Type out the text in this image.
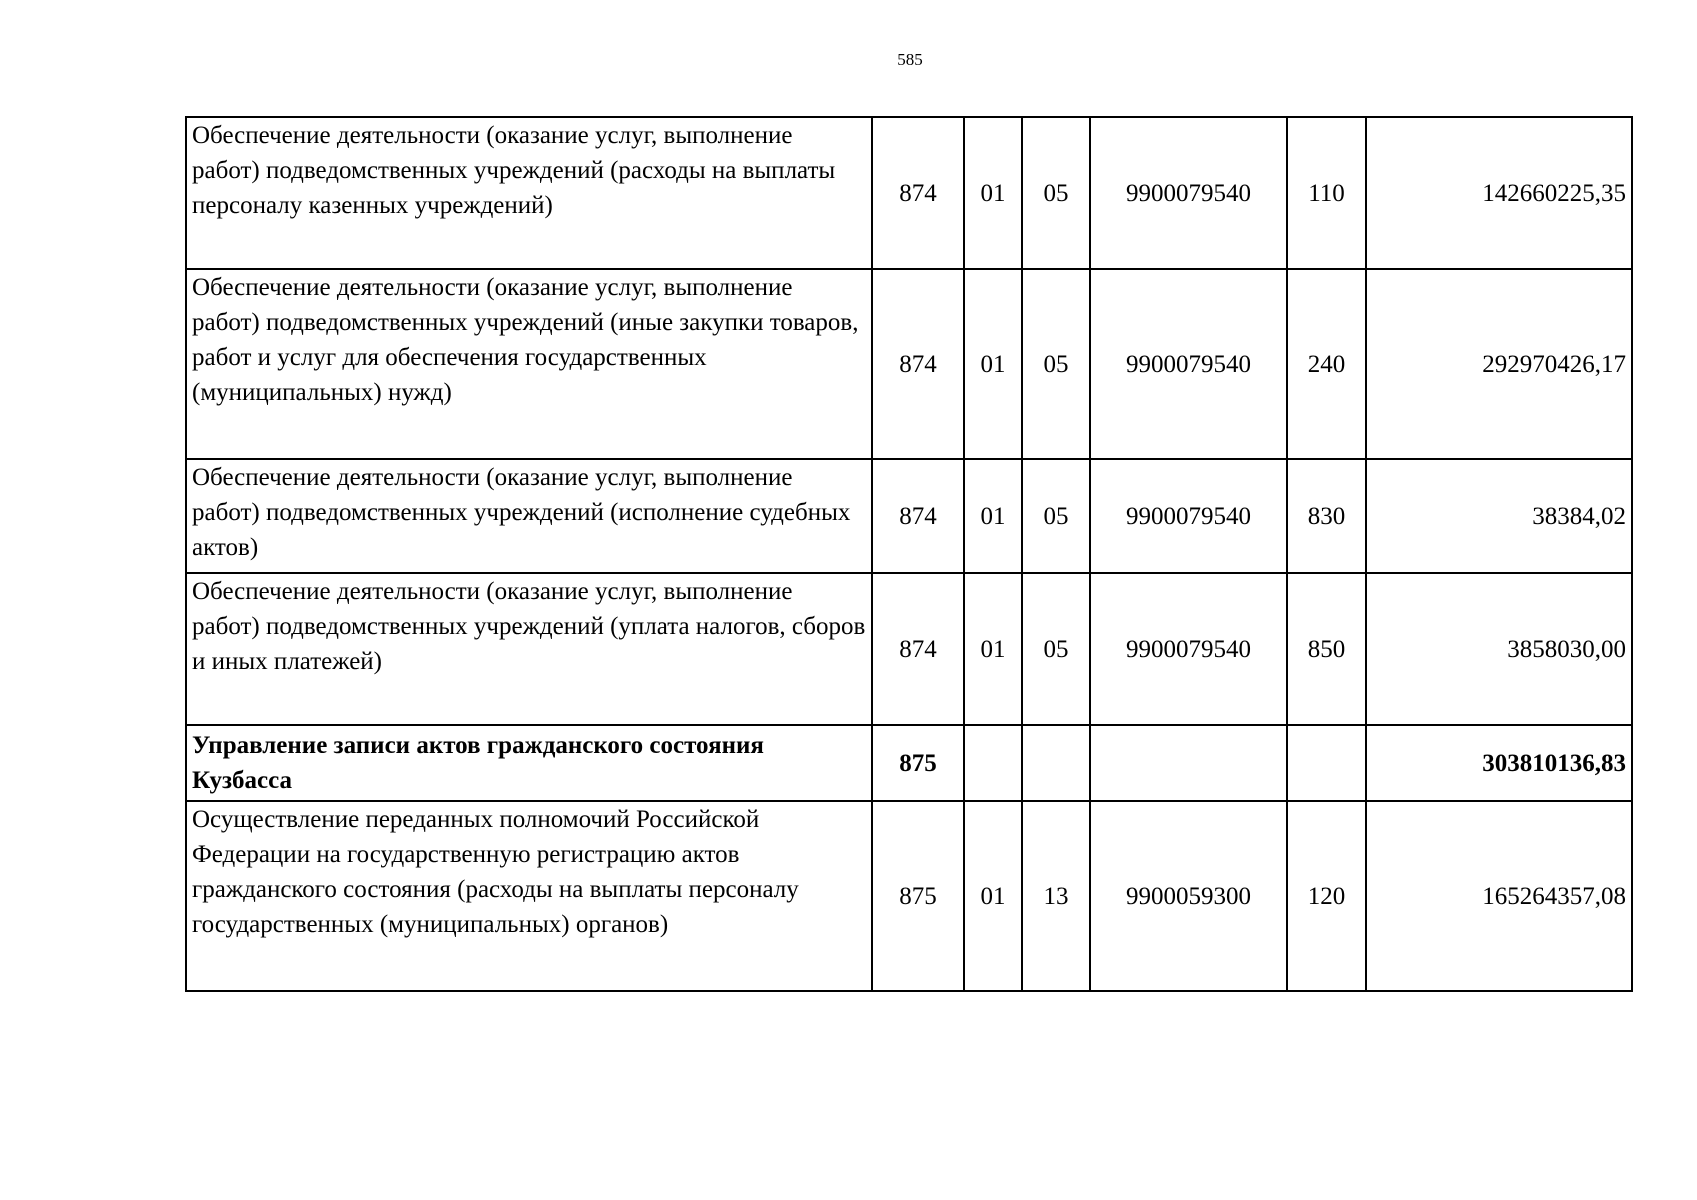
585
Обеспечение деятельности (оказание услуг, выполнение работ) подведомственных учреждений (расходы на выплаты персоналу казенных учреждений)	874	01	05	9900079540	110	142660225,35
Обеспечение деятельности (оказание услуг, выполнение работ) подведомственных учреждений (иные закупки товаров, работ и услуг для обеспечения государственных (муниципальных) нужд)	874	01	05	9900079540	240	292970426,17
Обеспечение деятельности (оказание услуг, выполнение работ) подведомственных учреждений (исполнение судебных актов)	874	01	05	9900079540	830	38384,02
Обеспечение деятельности (оказание услуг, выполнение работ) подведомственных учреждений (уплата налогов, сборов и иных платежей)	874	01	05	9900079540	850	3858030,00
Управление записи актов гражданского состояния Кузбасса	875					303810136,83
Осуществление переданных полномочий Российской Федерации на государственную регистрацию актов гражданского состояния (расходы на выплаты персоналу государственных (муниципальных) органов)	875	01	13	9900059300	120	165264357,08
